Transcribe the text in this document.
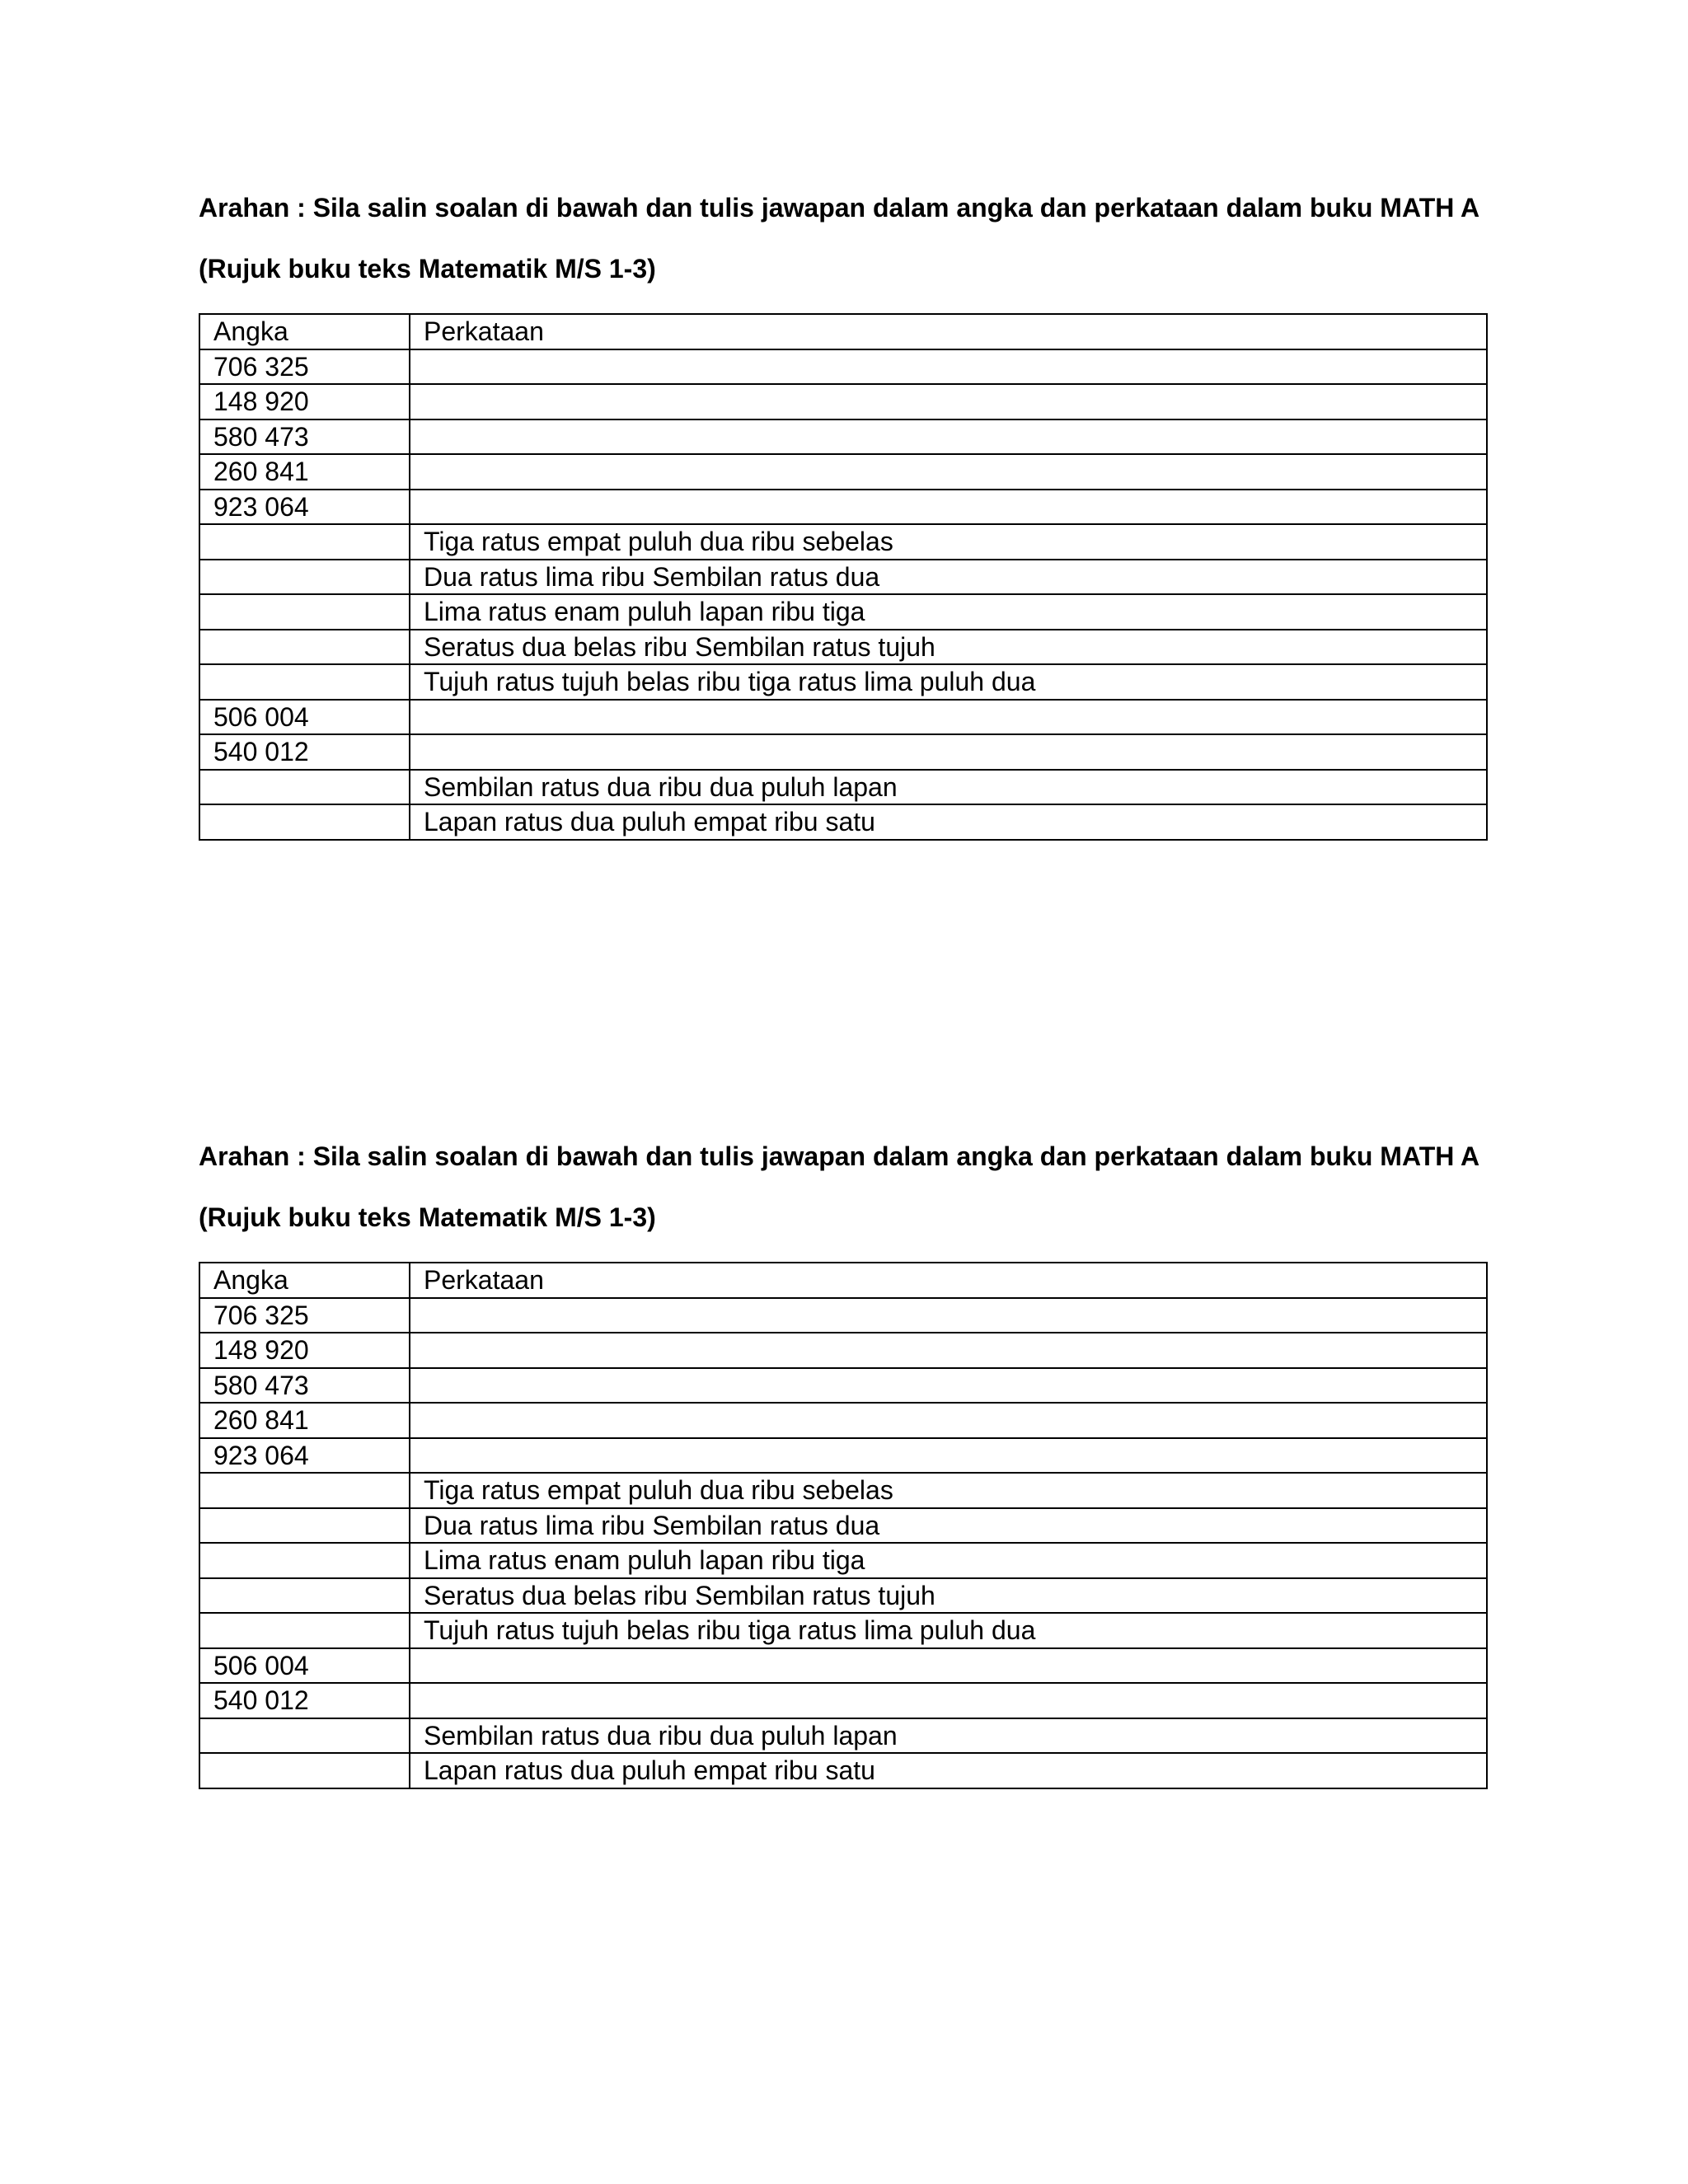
Arahan : Sila salin soalan di bawah dan tulis jawapan dalam angka dan perkataan dalam buku MATH A

(Rujuk buku teks Matematik M/S 1-3)

Angka	Perkataan
706 325	
148 920	
580 473	
260 841	
923 064	
	Tiga ratus empat puluh dua ribu sebelas
	Dua ratus lima ribu Sembilan ratus dua
	Lima ratus enam puluh lapan ribu tiga
	Seratus dua belas ribu Sembilan ratus tujuh
	Tujuh ratus tujuh belas ribu tiga ratus lima puluh dua
506 004	
540 012	
	Sembilan ratus dua ribu dua puluh lapan
	Lapan ratus dua puluh empat ribu satu

Arahan : Sila salin soalan di bawah dan tulis jawapan dalam angka dan perkataan dalam buku MATH A

(Rujuk buku teks Matematik M/S 1-3)

Angka	Perkataan
706 325	
148 920	
580 473	
260 841	
923 064	
	Tiga ratus empat puluh dua ribu sebelas
	Dua ratus lima ribu Sembilan ratus dua
	Lima ratus enam puluh lapan ribu tiga
	Seratus dua belas ribu Sembilan ratus tujuh
	Tujuh ratus tujuh belas ribu tiga ratus lima puluh dua
506 004	
540 012	
	Sembilan ratus dua ribu dua puluh lapan
	Lapan ratus dua puluh empat ribu satu
